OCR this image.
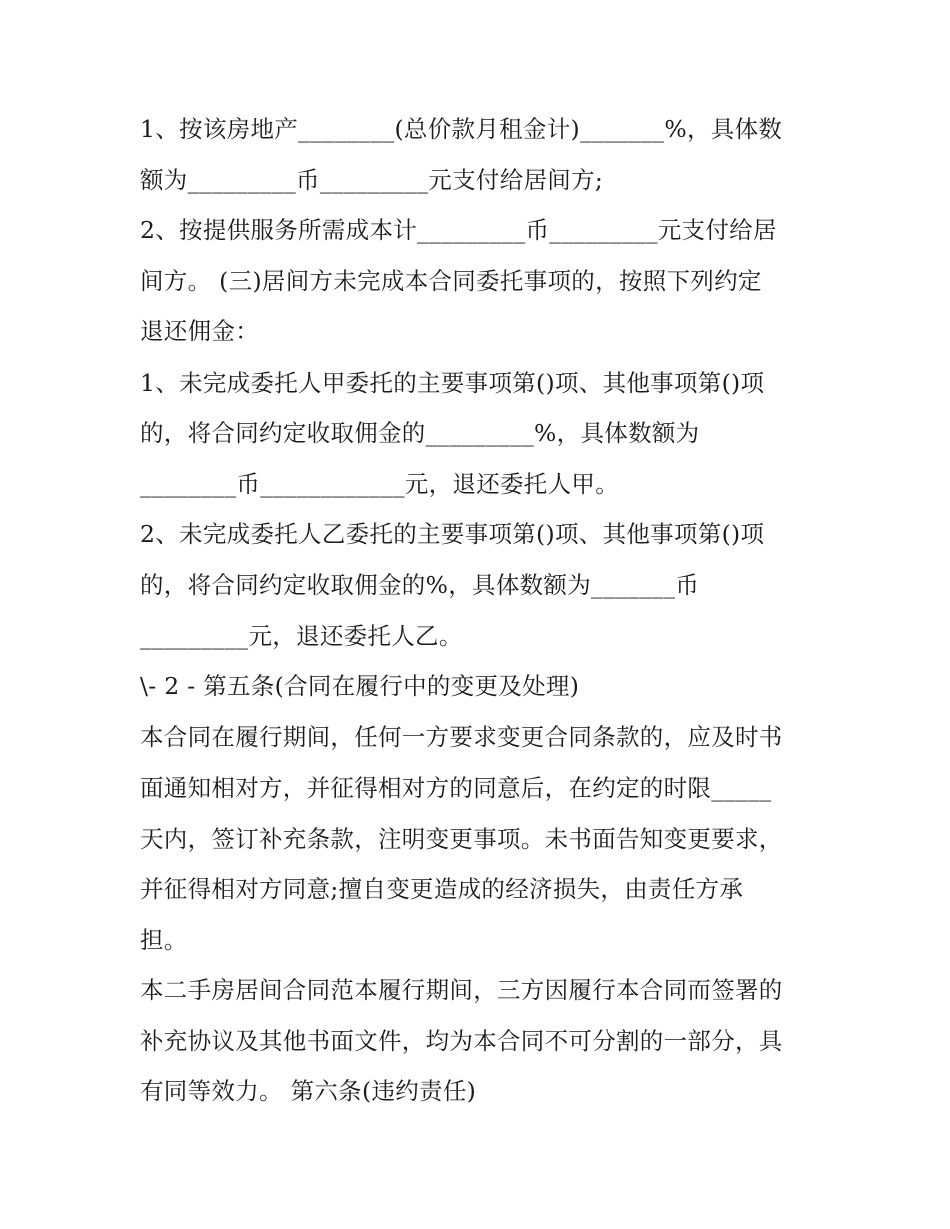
1、按该房地产________(总价款月租金计)_______%，具体数
额为_________币_________元支付给居间方;
2、按提供服务所需成本计_________币_________元支付给居
间方。 (三)居间方未完成本合同委托事项的，按照下列约定
退还佣金：
1、未完成委托人甲委托的主要事项第()项、其他事项第()项
的，将合同约定收取佣金的_________%，具体数额为
________币____________元，退还委托人甲。
2、未完成委托人乙委托的主要事项第()项、其他事项第()项
的，将合同约定收取佣金的%，具体数额为_______币
_________元，退还委托人乙。
\- 2 - 第五条(合同在履行中的变更及处理)
本合同在履行期间，任何一方要求变更合同条款的，应及时书
面通知相对方，并征得相对方的同意后，在约定的时限_____
天内，签订补充条款，注明变更事项。未书面告知变更要求，
并征得相对方同意;擅自变更造成的经济损失，由责任方承
担。
本二手房居间合同范本履行期间，三方因履行本合同而签署的
补充协议及其他书面文件，均为本合同不可分割的一部分，具
有同等效力。 第六条(违约责任)
